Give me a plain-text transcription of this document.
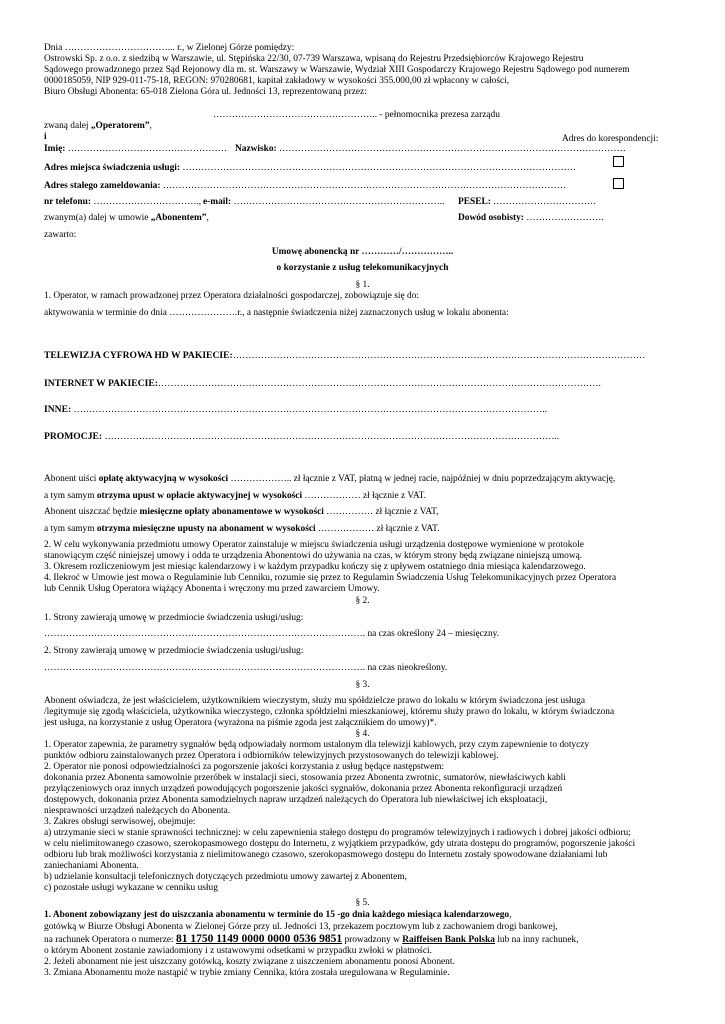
Dnia ……………………………... r., w Zielonej Górze pomiędzy:
Ostrowski Sp. z o.o. z siedzibą w Warszawie, ul. Stępińska 22/30, 07-739 Warszawa, wpisaną do Rejestru Przedsiębiorców Krajowego Rejestru
Sądowego prowadzonego przez Sąd Rejonowy dla m. st. Warszawy w Warszawie, Wydział XIII Gospodarczy Krajowego Rejestru Sądowego pod numerem
0000185059, NIP 929-011-75-18, REGON: 970280681, kapitał zakładowy w wysokości 355.000,00 zł wpłacony w całości,
Biuro Obsługi Abonenta: 65-018 Zielona Góra ul. Jedności 13, reprezentowaną przez:
…………………………………………….. - pełnomocnika prezesa zarządu
zwaną dalej „Operatorem”,
i	Adres do korespondencji:
Imię: …………………………………………… Nazwisko: …………………………………………………………………………………………………
Adres miejsca świadczenia usługi: ………………………………………………………………………………………………………………
Adres stałego zameldowania: …………………………………………………………………………………………………………………
nr telefonu: ……………………………., e-mail: ………………………………………………………….. PESEL: ……………………………
zwanym(a) dalej w umowie „Abonentem”,	Dowód osobisty: …………………….
zawarto:
Umowę abonencką nr …………/……………..
o korzystanie z usług telekomunikacyjnych
§ 1.
1. Operator, w ramach prowadzonej przez Operatora działalności gospodarczej, zobowiązuje się do:
aktywowania w terminie do dnia ………………….r., a następnie świadczenia niżej zaznaczonych usług w lokalu abonenta:
TELEWIZJA CYFROWA HD W PAKIECIE:……………………………………………………………………………………………………………………
INTERNET W PAKIECIE:…………………………………………………………………………………………………………………………….
INNE: ……………………………………………………………………………………………………………………………………..
PROMOCJE: ………………………………………………………………………………………………………………………………..
Abonent uiści opłatę aktywacyjną w wysokości ……………….. zł łącznie z VAT, płatną w jednej racie, najpóźniej w dniu poprzedzającym aktywację,
a tym samym otrzyma upust w opłacie aktywacyjnej w wysokości ……………… zł łącznie z VAT.
Abonent uiszczać będzie miesięczne opłaty abonamentowe w wysokości …………… zł łącznie z VAT,
a tym samym otrzyma miesięczne upusty na abonament w wysokości ……………… zł łącznie z VAT.
2. W celu wykonywania przedmiotu umowy Operator zainstaluje w miejscu świadczenia usługi urządzenia dostępowe wymienione w protokole
stanowiącym część niniejszej umowy i odda te urządzenia Abonentowi do używania na czas, w którym strony będą związane niniejszą umową.
3. Okresem rozliczeniowym jest miesiąc kalendarzowy i w każdym przypadku kończy się z upływem ostatniego dnia miesiąca kalendarzowego.
4. Ilekroć w Umowie jest mowa o Regulaminie lub Cenniku, rozumie się przez to Regulamin Świadczenia Usług Telekomunikacyjnych przez Operatora
lub Cennik Usług Operatora wiążący Abonenta i wręczony mu przed zawarciem Umowy.
§ 2.
1. Strony zawierają umowę w przedmiocie świadczenia usługi/usług:
…………………………………………………………………………………………. na czas określony 24 – miesięczny.
2. Strony zawierają umowę w przedmiocie świadczenia usługi/usług:
…………………………………………………………………………………………. na czas nieokreślony.
§ 3.
Abonent oświadcza, że jest właścicielem, użytkownikiem wieczystym, służy mu spółdzielcze prawo do lokalu w którym świadczona jest usługa
/legitymuje się zgodą właściciela, użytkownika wieczystego, członka spółdzielni mieszkaniowej, któremu służy prawo do lokalu, w którym świadczona
jest usługa, na korzystanie z usług Operatora (wyrażona na piśmie zgoda jest załącznikiem do umowy)*.
§ 4.
1. Operator zapewnia, że parametry sygnałów będą odpowiadały normom ustalonym dla telewizji kablowych, przy czym zapewnienie to dotyczy
punktów odbioru zainstalowanych przez Operatora i odbiorników telewizyjnych przystosowanych do telewizji kablowej.
2. Operator nie ponosi odpowiedzialności za pogorszenie jakości korzystania z usług będące następstwem:
dokonania przez Abonenta samowolnie przeróbek w instalacji sieci, stosowania przez Abonenta zwrotnic, sumatorów, niewłaściwych kabli
przyłączeniowych oraz innych urządzeń powodujących pogorszenie jakości sygnałów, dokonania przez Abonenta rekonfiguracji urządzeń
dostępowych, dokonania przez Abonenta samodzielnych napraw urządzeń należących do Operatora lub niewłaściwej ich eksploatacji,
niesprawności urządzeń należących do Abonenta.
3. Zakres obsługi serwisowej, obejmuje:
a) utrzymanie sieci w stanie sprawności technicznej: w celu zapewnienia stałego dostępu do programów telewizyjnych i radiowych i dobrej jakości odbioru;
w celu nielimitowanego czasowo, szerokopasmowego dostępu do Internetu, z wyjątkiem przypadków, gdy utrata dostępu do programów, pogorszenie jakości
odbioru lub brak możliwości korzystania z nielimitowanego czasowo, szerokopasmowego dostępu do Internetu zostały spowodowane działaniami lub
zaniechaniami Abonenta.
b) udzielanie konsultacji telefonicznych dotyczących przedmiotu umowy zawartej z Abonentem,
c) pozostałe usługi wykazane w cenniku usług
§ 5.
1. Abonent zobowiązany jest do uiszczania abonamentu w terminie do 15 -go dnia każdego miesiąca kalendarzowego,
gotówką w Biurze Obsługi Abonenta w Zielonej Górze przy ul. Jedności 13, przekazem pocztowym lub z zachowaniem drogi bankowej,
na rachunek Operatora o numerze: 81 1750 1149 0000 0000 0536 9851 prowadzony w Raiffeisen Bank Polska lub na inny rachunek,
o którym Abonent zostanie zawiadomiony i z ustawowymi odsetkami w przypadku zwłoki w płatności.
2. Jeżeli abonament nie jest uiszczany gotówką, koszty związane z uiszczeniem abonamentu ponosi Abonent.
3. Zmiana Abonamentu może nastąpić w trybie zmiany Cennika, która została uregulowana w Regulaminie.
